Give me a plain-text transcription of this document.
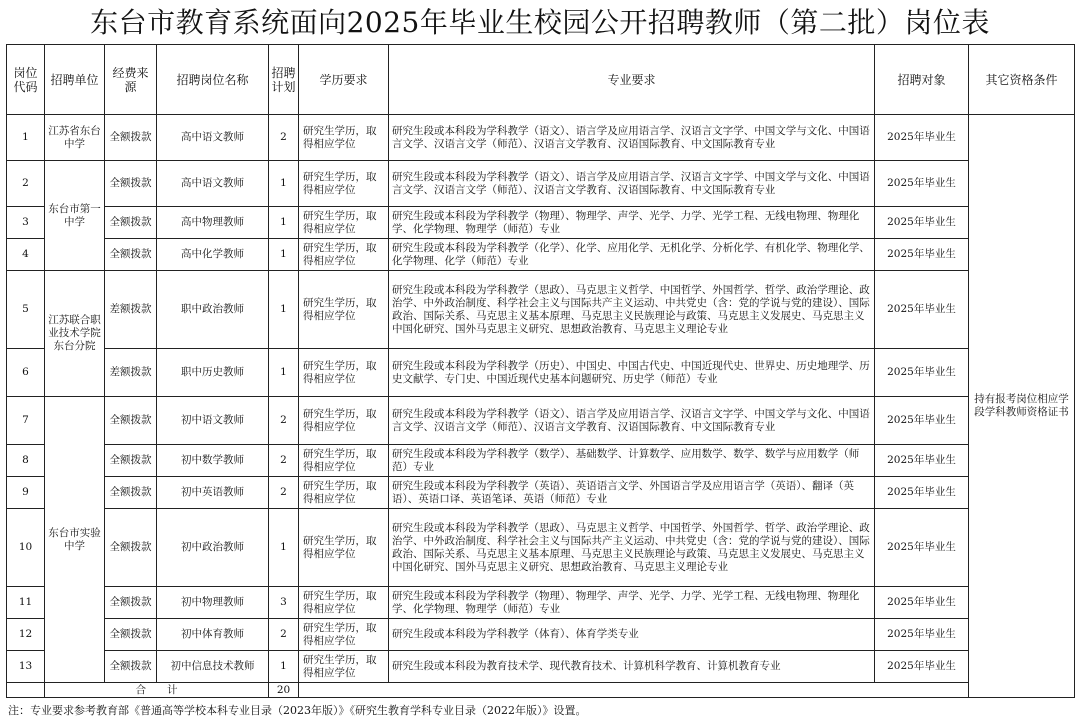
东台市教育系统面向2025年毕业生校园公开招聘教师（第二批）岗位表
岗位代码	招聘单位	经费来源	招聘岗位名称	招聘计划	学历要求	专业要求	招聘对象	其它资格条件
1	江苏省东台中学	全额拨款	高中语文教师	2	研究生学历，取得相应学位	研究生段或本科段为学科教学（语文）、语言学及应用语言学、汉语言文字学、中国文学与文化、中国语言文学、汉语言文学（师范）、汉语言文学教育、汉语国际教育、中文国际教育专业	2025年毕业生	持有报考岗位相应学段学科教师资格证书
2	东台市第一中学	全额拨款	高中语文教师	1	研究生学历，取得相应学位	研究生段或本科段为学科教学（语文）、语言学及应用语言学、汉语言文字学、中国文学与文化、中国语言文学、汉语言文学（师范）、汉语言文学教育、汉语国际教育、中文国际教育专业	2025年毕业生	
3		全额拨款	高中物理教师	1	研究生学历，取得相应学位	研究生段或本科段为学科教学（物理）、物理学、声学、光学、力学、光学工程、无线电物理、物理化学、化学物理、物理学（师范）专业	2025年毕业生	
4		全额拨款	高中化学教师	1	研究生学历，取得相应学位	研究生段或本科段为学科教学（化学）、化学、应用化学、无机化学、分析化学、有机化学、物理化学、化学物理、化学（师范）专业	2025年毕业生	
5	江苏联合职业技术学院东台分院	差额拨款	职中政治教师	1	研究生学历，取得相应学位	研究生段或本科段为学科教学（思政）、马克思主义哲学、中国哲学、外国哲学、哲学、政治学理论、政治学、中外政治制度、科学社会主义与国际共产主义运动、中共党史（含：党的学说与党的建设）、国际政治、国际关系、马克思主义基本原理、马克思主义民族理论与政策、马克思主义发展史、马克思主义中国化研究、国外马克思主义研究、思想政治教育、马克思主义理论专业	2025年毕业生	
6		差额拨款	职中历史教师	1	研究生学历，取得相应学位	研究生段或本科段为学科教学（历史）、中国史、中国古代史、中国近现代史、世界史、历史地理学、历史文献学、专门史、中国近现代史基本问题研究、历史学（师范）专业	2025年毕业生	
7	东台市实验中学	全额拨款	初中语文教师	2	研究生学历，取得相应学位	研究生段或本科段为学科教学（语文）、语言学及应用语言学、汉语言文字学、中国文学与文化、中国语言文学、汉语言文学（师范）、汉语言文学教育、汉语国际教育、中文国际教育专业	2025年毕业生	
8		全额拨款	初中数学教师	2	研究生学历，取得相应学位	研究生段或本科段为学科教学（数学）、基础数学、计算数学、应用数学、数学、数学与应用数学（师范）专业	2025年毕业生	
9		全额拨款	初中英语教师	2	研究生学历，取得相应学位	研究生段或本科段为学科教学（英语）、英语语言文学、外国语言学及应用语言学（英语）、翻译（英语）、英语口译、英语笔译、英语（师范）专业	2025年毕业生	
10		全额拨款	初中政治教师	1	研究生学历，取得相应学位	研究生段或本科段为学科教学（思政）、马克思主义哲学、中国哲学、外国哲学、哲学、政治学理论、政治学、中外政治制度、科学社会主义与国际共产主义运动、中共党史（含：党的学说与党的建设）、国际政治、国际关系、马克思主义基本原理、马克思主义民族理论与政策、马克思主义发展史、马克思主义中国化研究、国外马克思主义研究、思想政治教育、马克思主义理论专业	2025年毕业生	
11		全额拨款	初中物理教师	3	研究生学历，取得相应学位	研究生段或本科段为学科教学（物理）、物理学、声学、光学、力学、光学工程、无线电物理、物理化学、化学物理、物理学（师范）专业	2025年毕业生	
12		全额拨款	初中体育教师	2	研究生学历，取得相应学位	研究生段或本科段为学科教学（体育）、体育学类专业	2025年毕业生	
13		全额拨款	初中信息技术教师	1	研究生学历，取得相应学位	研究生段或本科段为教育技术学、现代教育技术、计算机科学教育、计算机教育专业	2025年毕业生	
	合　　计			20				
注：专业要求参考教育部《普通高等学校本科专业目录（2023年版）》《研究生教育学科专业目录（2022年版）》设置。
